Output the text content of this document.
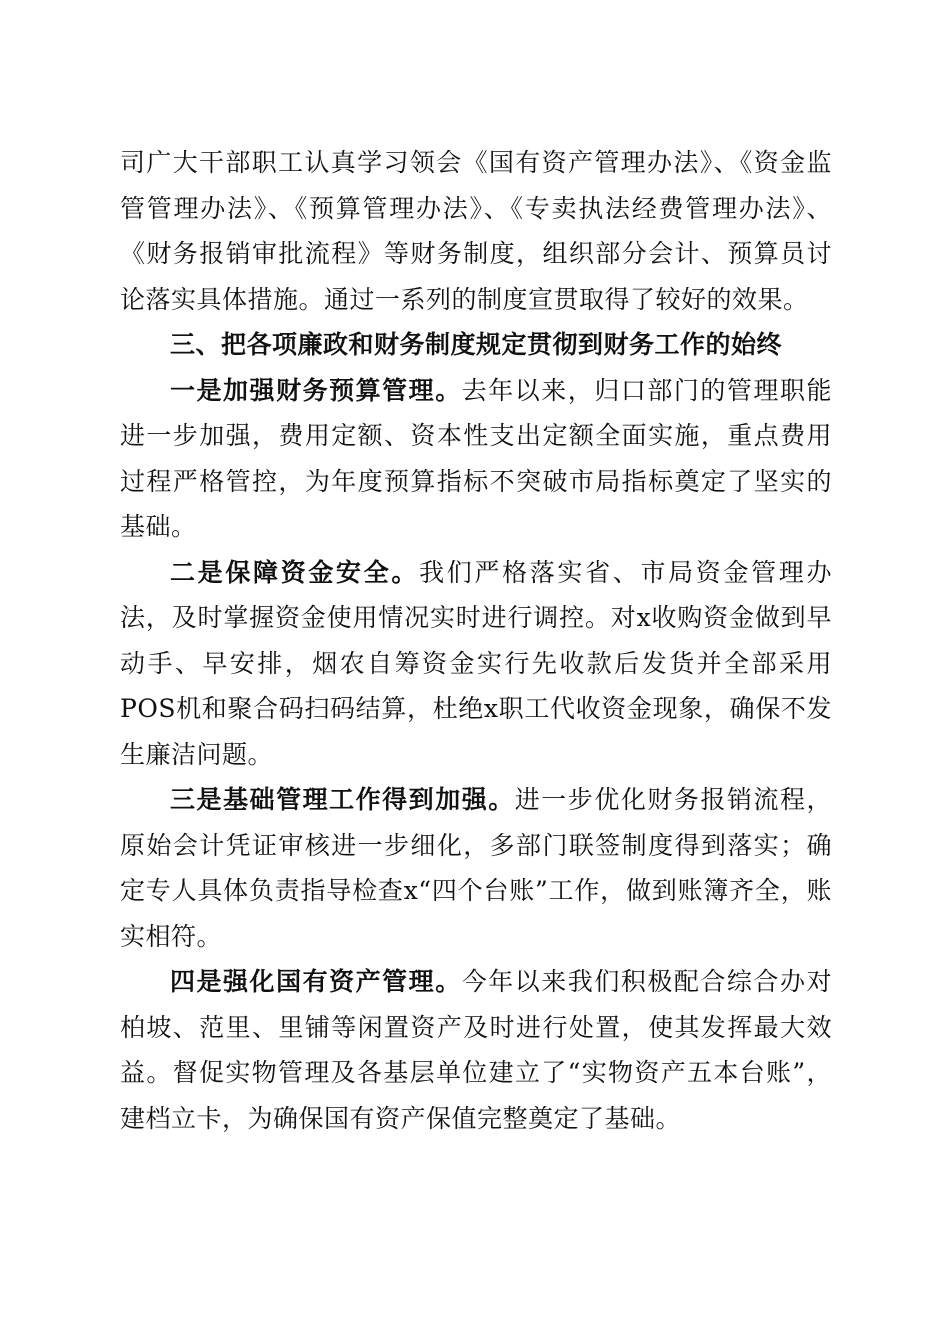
司广大干部职工认真学习领会《国有资产管理办法》、《资金监管管理办法》、《预算管理办法》、《专卖执法经费管理办法》、《财务报销审批流程》等财务制度，组织部分会计、预算员讨论落实具体措施。通过一系列的制度宣贯取得了较好的效果。

三、把各项廉政和财务制度规定贯彻到财务工作的始终

一是加强财务预算管理。去年以来，归口部门的管理职能进一步加强，费用定额、资本性支出定额全面实施，重点费用过程严格管控，为年度预算指标不突破市局指标奠定了坚实的基础。

二是保障资金安全。我们严格落实省、市局资金管理办法，及时掌握资金使用情况实时进行调控。对x收购资金做到早动手、早安排，烟农自筹资金实行先收款后发货并全部采用POS机和聚合码扫码结算，杜绝x职工代收资金现象，确保不发生廉洁问题。

三是基础管理工作得到加强。进一步优化财务报销流程，原始会计凭证审核进一步细化，多部门联签制度得到落实；确定专人具体负责指导检查x“四个台账”工作，做到账簿齐全，账实相符。

四是强化国有资产管理。今年以来我们积极配合综合办对柏坡、范里、里铺等闲置资产及时进行处置，使其发挥最大效益。督促实物管理及各基层单位建立了“实物资产五本台账”，建档立卡，为确保国有资产保值完整奠定了基础。
